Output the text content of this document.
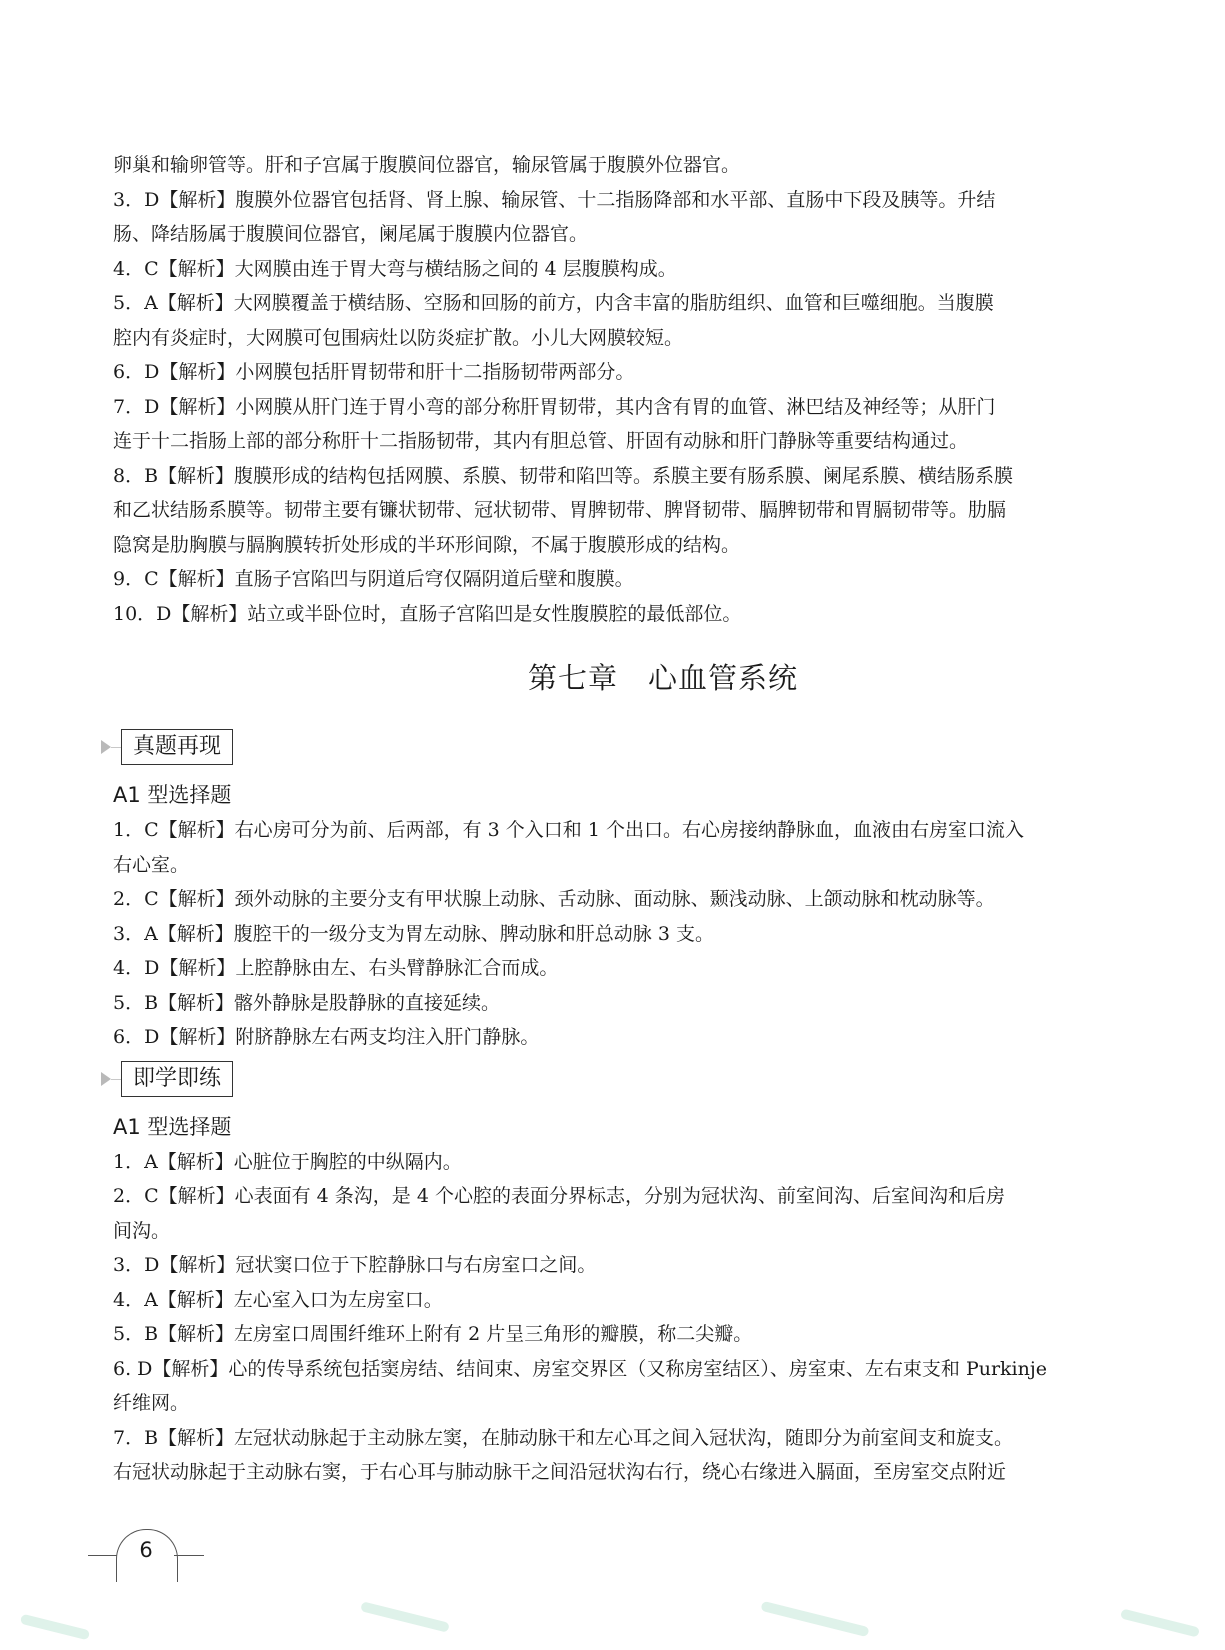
卵巢和输卵管等。肝和子宫属于腹膜间位器官，输尿管属于腹膜外位器官。
3．D【解析】腹膜外位器官包括肾、肾上腺、输尿管、十二指肠降部和水平部、直肠中下段及胰等。升结
肠、降结肠属于腹膜间位器官，阑尾属于腹膜内位器官。
4．C【解析】大网膜由连于胃大弯与横结肠之间的 4 层腹膜构成。
5．A【解析】大网膜覆盖于横结肠、空肠和回肠的前方，内含丰富的脂肪组织、血管和巨噬细胞。当腹膜
腔内有炎症时，大网膜可包围病灶以防炎症扩散。小儿大网膜较短。
6．D【解析】小网膜包括肝胃韧带和肝十二指肠韧带两部分。
7．D【解析】小网膜从肝门连于胃小弯的部分称肝胃韧带，其内含有胃的血管、淋巴结及神经等；从肝门
连于十二指肠上部的部分称肝十二指肠韧带，其内有胆总管、肝固有动脉和肝门静脉等重要结构通过。
8．B【解析】腹膜形成的结构包括网膜、系膜、韧带和陷凹等。系膜主要有肠系膜、阑尾系膜、横结肠系膜
和乙状结肠系膜等。韧带主要有镰状韧带、冠状韧带、胃脾韧带、脾肾韧带、膈脾韧带和胃膈韧带等。肋膈
隐窝是肋胸膜与膈胸膜转折处形成的半环形间隙，不属于腹膜形成的结构。
9．C【解析】直肠子宫陷凹与阴道后穹仅隔阴道后壁和腹膜。
10．D【解析】站立或半卧位时，直肠子宫陷凹是女性腹膜腔的最低部位。
第七章　心血管系统
真题再现
A1 型选择题
1．C【解析】右心房可分为前、后两部，有 3 个入口和 1 个出口。右心房接纳静脉血，血液由右房室口流入
右心室。
2．C【解析】颈外动脉的主要分支有甲状腺上动脉、舌动脉、面动脉、颞浅动脉、上颌动脉和枕动脉等。
3．A【解析】腹腔干的一级分支为胃左动脉、脾动脉和肝总动脉 3 支。
4．D【解析】上腔静脉由左、右头臂静脉汇合而成。
5．B【解析】髂外静脉是股静脉的直接延续。
6．D【解析】附脐静脉左右两支均注入肝门静脉。
即学即练
A1 型选择题
1．A【解析】心脏位于胸腔的中纵隔内。
2．C【解析】心表面有 4 条沟，是 4 个心腔的表面分界标志，分别为冠状沟、前室间沟、后室间沟和后房
间沟。
3．D【解析】冠状窦口位于下腔静脉口与右房室口之间。
4．A【解析】左心室入口为左房室口。
5．B【解析】左房室口周围纤维环上附有 2 片呈三角形的瓣膜，称二尖瓣。
6. D【解析】心的传导系统包括窦房结、结间束、房室交界区（又称房室结区）、房室束、左右束支和 Purkinje
纤维网。
7．B【解析】左冠状动脉起于主动脉左窦，在肺动脉干和左心耳之间入冠状沟，随即分为前室间支和旋支。
右冠状动脉起于主动脉右窦，于右心耳与肺动脉干之间沿冠状沟右行，绕心右缘进入膈面，至房室交点附近
6
